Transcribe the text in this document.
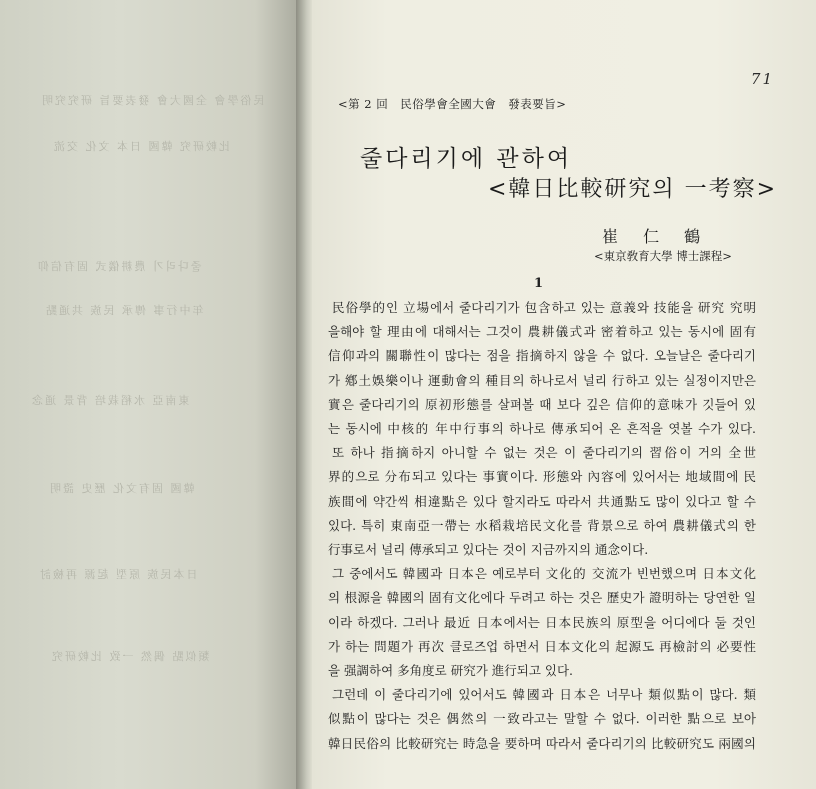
民俗學會 全國大會 發表要旨 研究究明
比較研究 韓國 日本 文化 交流
줄다리기 農耕儀式 固有信仰
年中行事 傳承 民族 共通點
東南亞 水稻栽培 背景 通念
韓國 固有文化 歷史 證明
日本民族 原型 起源 再檢討
類似點 偶然 一致 比較研究
71
<第 2 回　民俗學會全國大會　發表要旨>
줄다리기에 관하여
<韓日比較研究의 一考察>
崔 仁 鶴
<東京敎育大學 博士課程>
1
民俗學的인 立場에서 줄다리기가 包含하고 있는 意義와 技能을 研究 究明
을해야 할 理由에 대해서는 그것이 農耕儀式과 密着하고 있는 동시에 固有
信仰과의 關聯性이 많다는 점을 指摘하지 않을 수 없다. 오늘날은 줄다리기
가 鄕土娛樂이나 運動會의 種目의 하나로서 널리 行하고 있는 실정이지만은
實은 줄다리기의 原初形態를 살펴볼 때 보다 깊은 信仰的意味가 깃들어 있
는 동시에 中核的 年中行事의 하나로 傳承되어 온 흔적을 엿볼 수가 있다.
또 하나 指摘하지 아니할 수 없는 것은 이 줄다리기의 習俗이 거의 全世
界的으로 分布되고 있다는 事實이다. 形態와 內容에 있어서는 地域間에 民
族間에 약간씩 相違點은 있다 할지라도 따라서 共通點도 많이 있다고 할 수
있다. 특히 東南亞一帶는 水稻栽培民文化를 背景으로 하여 農耕儀式의 한
行事로서 널리 傳承되고 있다는 것이 지금까지의 通念이다.
그 중에서도 韓國과 日本은 예로부터 文化的 交流가 빈번했으며 日本文化
의 根源을 韓國의 固有文化에다 두려고 하는 것은 歷史가 證明하는 당연한 일
이라 하겠다. 그러나 最近 日本에서는 日本民族의 原型을 어디에다 둘 것인
가 하는 問題가 再次 클로즈업 하면서 日本文化의 起源도 再檢討의 必要性
을 强調하여 多角度로 研究가 進行되고 있다.
그런데 이 줄다리기에 있어서도 韓國과 日本은 너무나 類似點이 많다. 類
似點이 많다는 것은 偶然의 一致라고는 말할 수 없다. 이러한 點으로 보아
韓日民俗의 比較研究는 時急을 要하며 따라서 줄다리기의 比較研究도 兩國의
